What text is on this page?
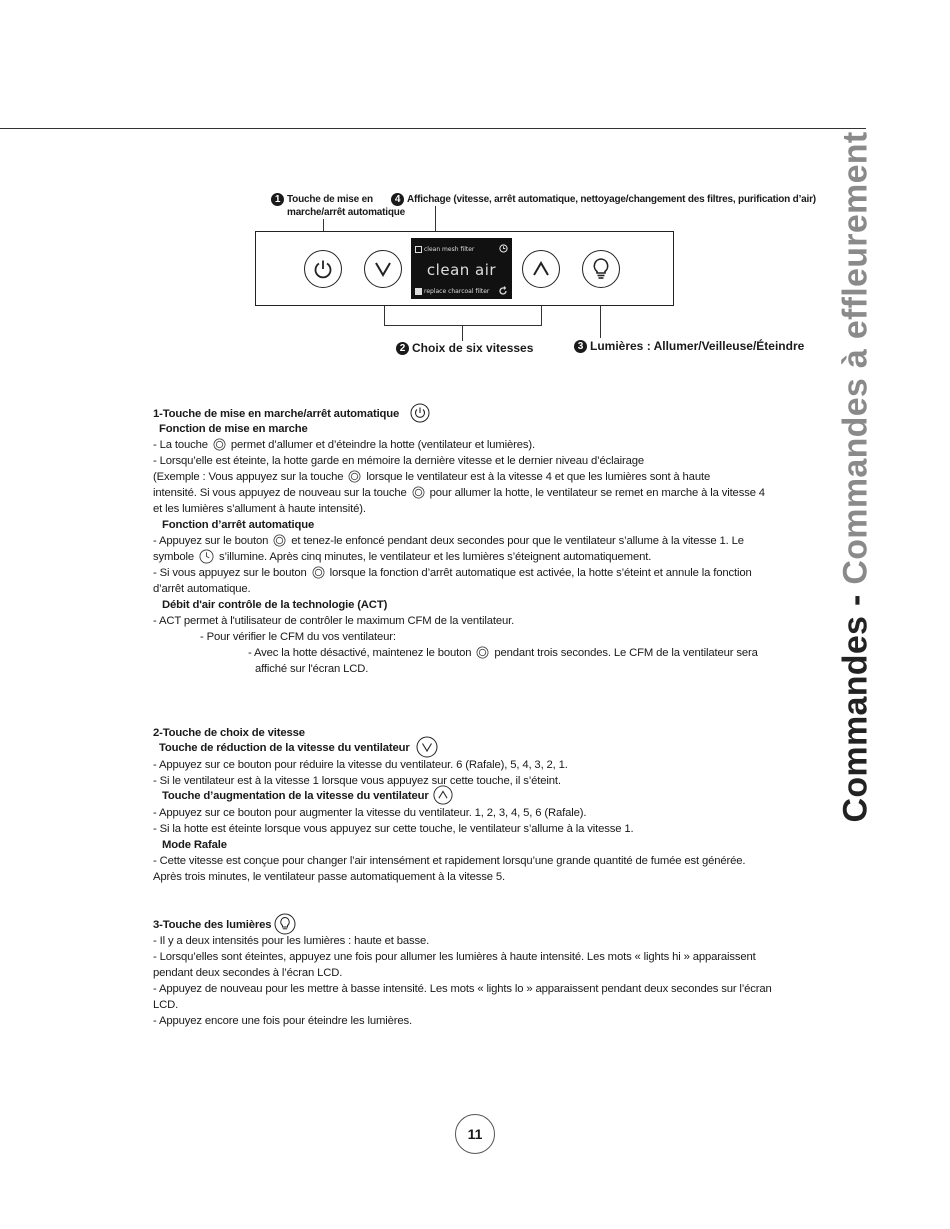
Commandes - Commandes à effleurement
1 Touche de mise en
marche/arrêt automatique
4 Affichage (vitesse, arrêt automatique, nettoyage/changement des filtres, purification d’air)
clean mesh filter
clean air
replace charcoal filter
2 Choix de six vitesses	3 Lumières : Allumer/Veilleuse/Éteindre
1-Touche de mise en marche/arrêt automatique
Fonction de mise en marche
- La touche permet d’allumer et d’éteindre la hotte (ventilateur et lumières).
- Lorsqu’elle est éteinte, la hotte garde en mémoire la dernière vitesse et le dernier niveau d’éclairage
(Exemple : Vous appuyez sur la touche lorsque le ventilateur est à la vitesse 4 et que les lumières sont à haute
intensité. Si vous appuyez de nouveau sur la touche pour allumer la hotte, le ventilateur se remet en marche à la vitesse 4
et les lumières s’allument à haute intensité).
Fonction d’arrêt automatique
- Appuyez sur le bouton et tenez-le enfoncé pendant deux secondes pour que le ventilateur s’allume à la vitesse 1. Le
symbole s’illumine. Après cinq minutes, le ventilateur et les lumières s’éteignent automatiquement.
- Si vous appuyez sur le bouton lorsque la fonction d’arrêt automatique est activée, la hotte s’éteint et annule la fonction
d’arrêt automatique.
Débit d'air contrôle de la technologie (ACT)
- ACT permet à l'utilisateur de contrôler le maximum CFM de la ventilateur.
- Pour vérifier le CFM du vos ventilateur:
- Avec la hotte désactivé, maintenez le bouton pendant trois secondes. Le CFM de la ventilateur sera
affiché sur l'écran LCD.
2-Touche de choix de vitesse
Touche de réduction de la vitesse du ventilateur
- Appuyez sur ce bouton pour réduire la vitesse du ventilateur. 6 (Rafale), 5, 4, 3, 2, 1.
- Si le ventilateur est à la vitesse 1 lorsque vous appuyez sur cette touche, il s’éteint.
Touche d’augmentation de la vitesse du ventilateur
- Appuyez sur ce bouton pour augmenter la vitesse du ventilateur. 1, 2, 3, 4, 5, 6 (Rafale).
- Si la hotte est éteinte lorsque vous appuyez sur cette touche, le ventilateur s’allume à la vitesse 1.
Mode Rafale
- Cette vitesse est conçue pour changer l’air intensément et rapidement lorsqu’une grande quantité de fumée est générée.
Après trois minutes, le ventilateur passe automatiquement à la vitesse 5.
3-Touche des lumières
- Il y a deux intensités pour les lumières : haute et basse.
- Lorsqu’elles sont éteintes, appuyez une fois pour allumer les lumières à haute intensité. Les mots « lights hi » apparaissent
pendant deux secondes à l’écran LCD.
- Appuyez de nouveau pour les mettre à basse intensité. Les mots « lights lo » apparaissent pendant deux secondes sur l’écran
LCD.
- Appuyez encore une fois pour éteindre les lumières.
11
